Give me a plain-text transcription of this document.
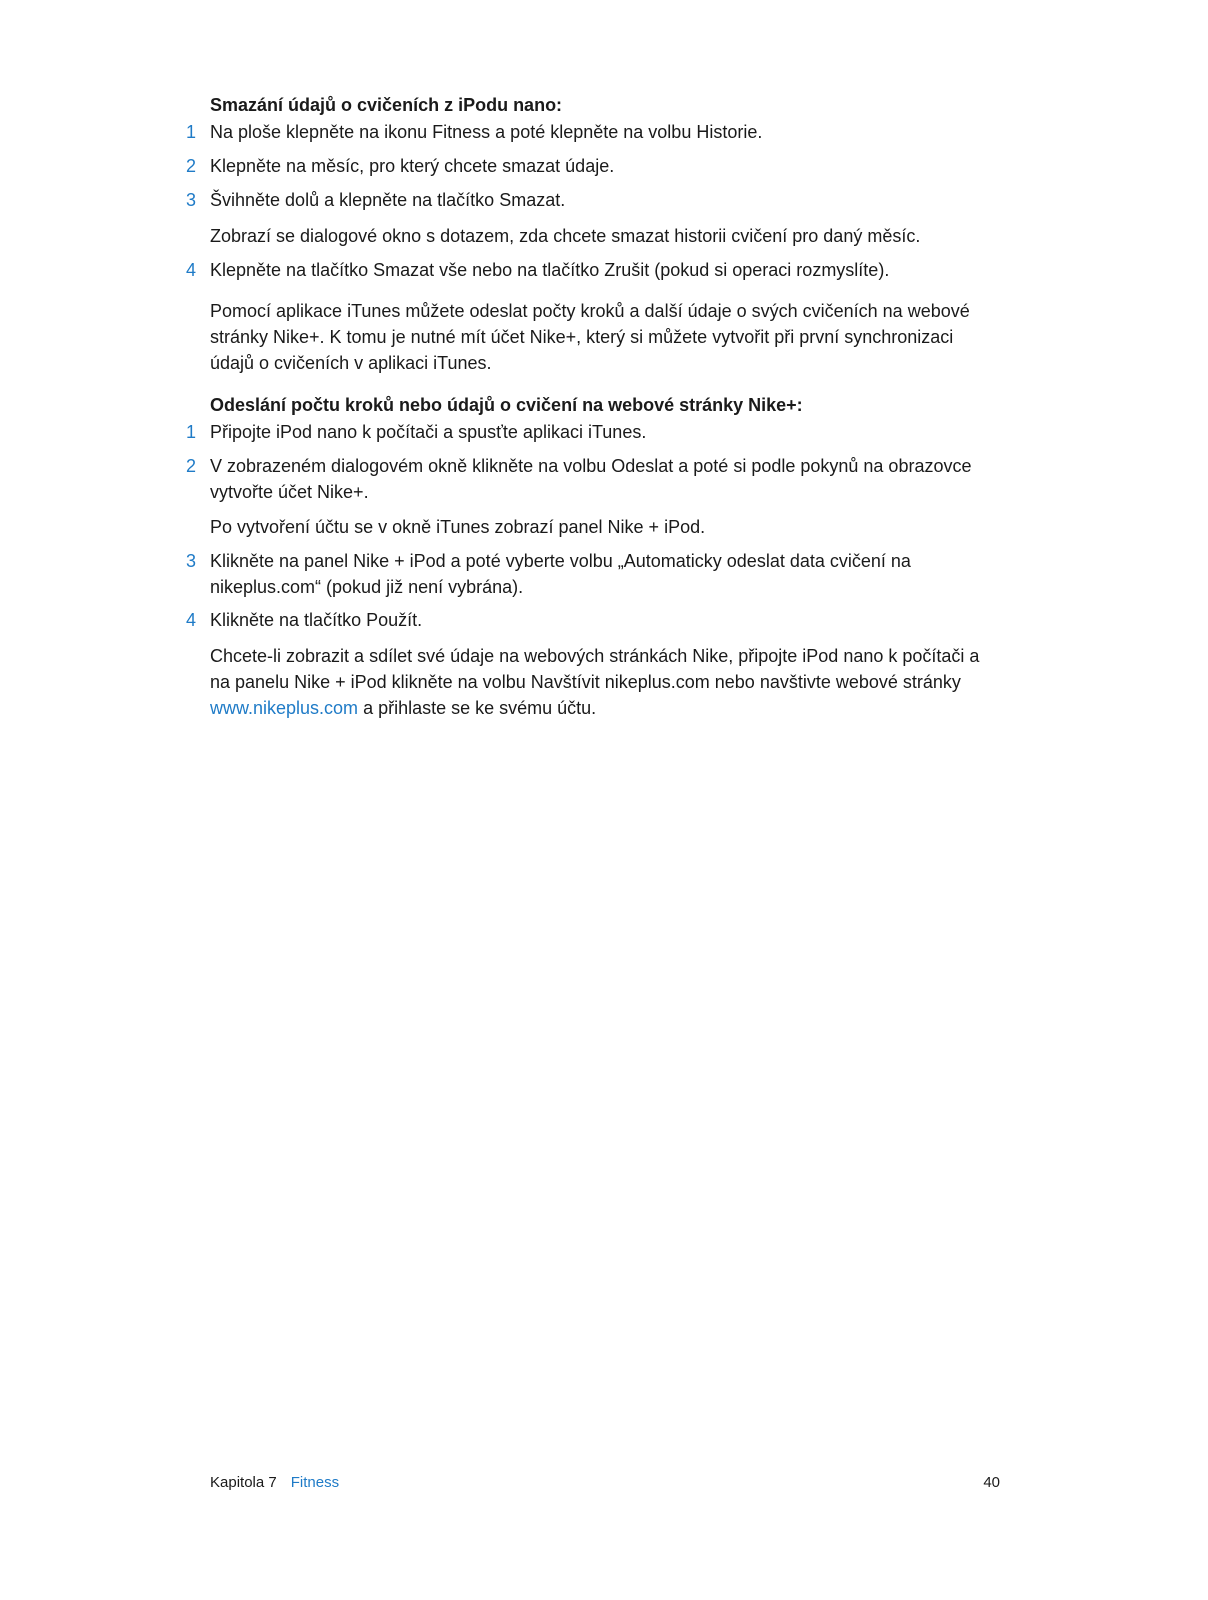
Smazání údajů o cvičeních z iPodu nano:
1 Na ploše klepněte na ikonu Fitness a poté klepněte na volbu Historie.
2 Klepněte na měsíc, pro který chcete smazat údaje.
3 Švihněte dolů a klepněte na tlačítko Smazat.
Zobrazí se dialogové okno s dotazem, zda chcete smazat historii cvičení pro daný měsíc.
4 Klepněte na tlačítko Smazat vše nebo na tlačítko Zrušit (pokud si operaci rozmyslíte).
Pomocí aplikace iTunes můžete odeslat počty kroků a další údaje o svých cvičeních na webové stránky Nike+. K tomu je nutné mít účet Nike+, který si můžete vytvořit při první synchronizaci údajů o cvičeních v aplikaci iTunes.
Odeslání počtu kroků nebo údajů o cvičení na webové stránky Nike+:
1 Připojte iPod nano k počítači a spusťte aplikaci iTunes.
2 V zobrazeném dialogovém okně klikněte na volbu Odeslat a poté si podle pokynů na obrazovce vytvořte účet Nike+.
Po vytvoření účtu se v okně iTunes zobrazí panel Nike + iPod.
3 Klikněte na panel Nike + iPod a poté vyberte volbu „Automaticky odeslat data cvičení na nikeplus.com“ (pokud již není vybrána).
4 Klikněte na tlačítko Použít.
Chcete-li zobrazit a sdílet své údaje na webových stránkách Nike, připojte iPod nano k počítači a na panelu Nike + iPod klikněte na volbu Navštívit nikeplus.com nebo navštivte webové stránky www.nikeplus.com a přihlaste se ke svému účtu.
Kapitola 7 Fitness	40
